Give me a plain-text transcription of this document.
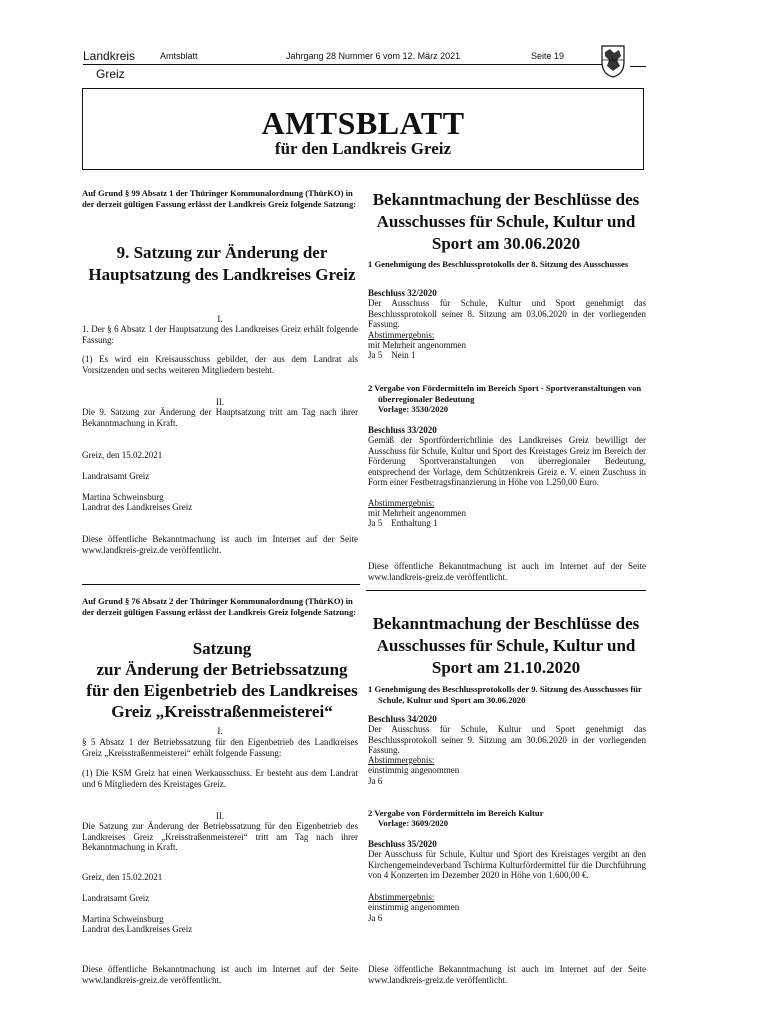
Landkreis
Greiz
Amtsblatt	Jahrgang 28 Nummer 6 vom 12. März 2021	Seite 19
AMTSBLATT
für den Landkreis Greiz
Auf Grund § 99 Absatz 1 der Thüringer Kommunalordnung (ThürKO) in der derzeit gültigen Fassung erlässt der Landkreis Greiz folgende Satzung:
9. Satzung zur Änderung der Hauptsatzung des Landkreises Greiz
I.
1. Der § 6 Absatz 1 der Hauptsatzung des Landkreises Greiz erhält folgende Fassung:
(1) Es wird ein Kreisausschuss gebildet, der aus dem Landrat als Vorsitzenden und sechs weiteren Mitgliedern besteht.
II.
Die 9. Satzung zur Änderung der Hauptsatzung tritt am Tag nach ihrer Bekanntmachung in Kraft.
Greiz, den 15.02.2021
Landratsamt Greiz
Martina Schweinsburg
Landrat des Landkreises Greiz
Diese öffentliche Bekanntmachung ist auch im Internet auf der Seite www.landkreis-greiz.de veröffentlicht.
Auf Grund § 76 Absatz 2 der Thüringer Kommunalordnung (ThürKO) in der derzeit gültigen Fassung erlässt der Landkreis Greiz folgende Satzung:
Satzung
zur Änderung der Betriebssatzung
für den Eigenbetrieb des Landkreises
Greiz „Kreisstraßenmeisterei“
I.
§ 5 Absatz 1 der Betriebssatzung für den Eigenbetrieb des Landkreises Greiz „Kreisstraßenmeisterei“ erhält folgende Fassung:
(1) Die KSM Greiz hat einen Werkausschuss. Er besteht aus dem Landrat und 6 Mitgliedern des Kreistages Greiz.
II.
Die Satzung zur Änderung der Betriebssatzung für den Eigenbetrieb des Landkreises Greiz „Kreisstraßenmeisterei“ tritt am Tag nach ihrer Bekanntmachung in Kraft.
Greiz, den 15.02.2021
Landratsamt Greiz
Martina Schweinsburg
Landrat des Landkreises Greiz
Diese öffentliche Bekanntmachung ist auch im Internet auf der Seite www.landkreis-greiz.de veröffentlicht.
Bekanntmachung der Beschlüsse des Ausschusses für Schule, Kultur und Sport am 30.06.2020
1 Genehmigung des Beschlussprotokolls der 8. Sitzung des Ausschusses
Beschluss 32/2020
Der Ausschuss für Schule, Kultur und Sport genehmigt das Beschlussprotokoll seiner 8. Sitzung am 03.06.2020 in der vorliegenden Fassung.
Abstimmergebnis:
mit Mehrheit angenommen
Ja 5    Nein 1
2 Vergabe von Fördermitteln im Bereich Sport - Sportveranstaltungen von überregionaler Bedeutung
Vorlage: 3530/2020
Beschluss 33/2020
Gemäß der Sportförderrichtlinie des Landkreises Greiz bewilligt der Ausschuss für Schule, Kultur und Sport des Kreistages Greiz im Bereich der Förderung Sportveranstaltungen von überregionaler Bedeutung, entsprechend der Vorlage, dem Schützenkreis Greiz e. V. einen Zuschuss in Form einer Festbetragsfinanzierung in Höhe von 1.250,00 Euro.
Abstimmergebnis:
mit Mehrheit angenommen
Ja 5    Enthaltung 1
Diese öffentliche Bekanntmachung ist auch im Internet auf der Seite www.landkreis-greiz.de veröffentlicht.
Bekanntmachung der Beschlüsse des Ausschusses für Schule, Kultur und Sport am 21.10.2020
1 Genehmigung des Beschlussprotokolls der 9. Sitzung des Ausschusses für Schule, Kultur und Sport am 30.06.2020
Beschluss 34/2020
Der Ausschuss für Schule, Kultur und Sport genehmigt das Beschlussprotokoll seiner 9. Sitzung am 30.06.2020 in der vorliegenden Fassung.
Abstimmergebnis:
einstimmig angenommen
Ja 6
2 Vergabe von Fördermitteln im Bereich Kultur
Vorlage: 3609/2020
Beschluss 35/2020
Der Ausschuss für Schule, Kultur und Sport des Kreistages vergibt an den Kirchengemeindeverband Tschirma Kulturfördermittel für die Durchführung von 4 Konzerten im Dezember 2020 in Höhe von 1.600,00 €.
Abstimmergebnis:
einstimmig angenommen
Ja 6
Diese öffentliche Bekanntmachung ist auch im Internet auf der Seite www.landkreis-greiz.de veröffentlicht.
